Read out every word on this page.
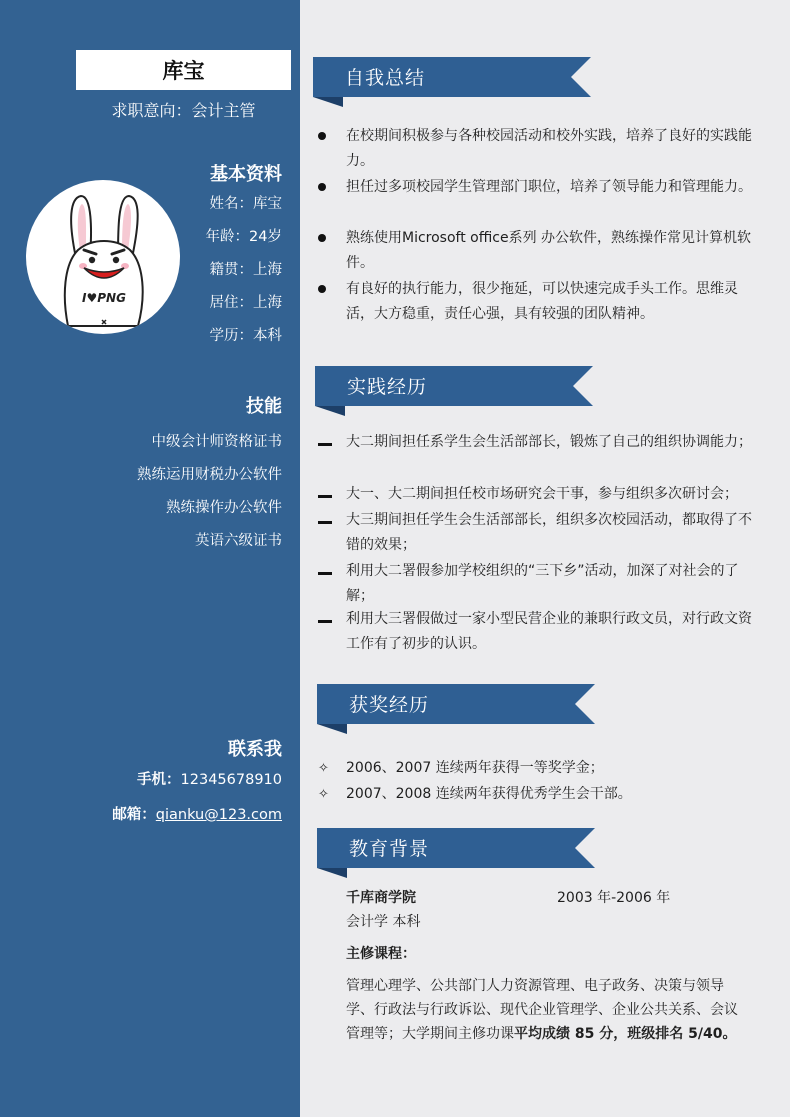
库宝
求职意向：会计主管
基本资料
姓名：库宝
年龄：24岁
籍贯：上海
居住：上海
学历：本科
I♥PNG
技能
中级会计师资格证书
熟练运用财税办公软件
熟练操作办公软件
英语六级证书
联系我
手机：12345678910
邮箱：qianku@123.com
自我总结
实践经历
获奖经历
教育背景
在校期间积极参与各种校园活动和校外实践，培养了良好的实践能力。
担任过多项校园学生管理部门职位，培养了领导能力和管理能力。
熟练使用Microsoft office系列 办公软件，熟练操作常见计算机软件。
有良好的执行能力，很少拖延，可以快速完成手头工作。思维灵活，大方稳重，责任心强，具有较强的团队精神。
大二期间担任系学生会生活部部长，锻炼了自己的组织协调能力；
大一、大二期间担任校市场研究会干事，参与组织多次研讨会；
大三期间担任学生会生活部部长，组织多次校园活动，都取得了不错的效果；
利用大二署假参加学校组织的“三下乡”活动，加深了对社会的了解；
利用大三署假做过一家小型民营企业的兼职行政文员，对行政文资工作有了初步的认识。
✧	2006、2007 连续两年获得一等奖学金；
✧	2007、2008 连续两年获得优秀学生会干部。
千库商学院	2003 年-2006 年
会计学 本科
主修课程：
管理心理学、公共部门人力资源管理、电子政务、决策与领导学、行政法与行政诉讼、现代企业管理学、企业公共关系、会议管理等；大学期间主修功课平均成绩 85 分，班级排名 5/40。
